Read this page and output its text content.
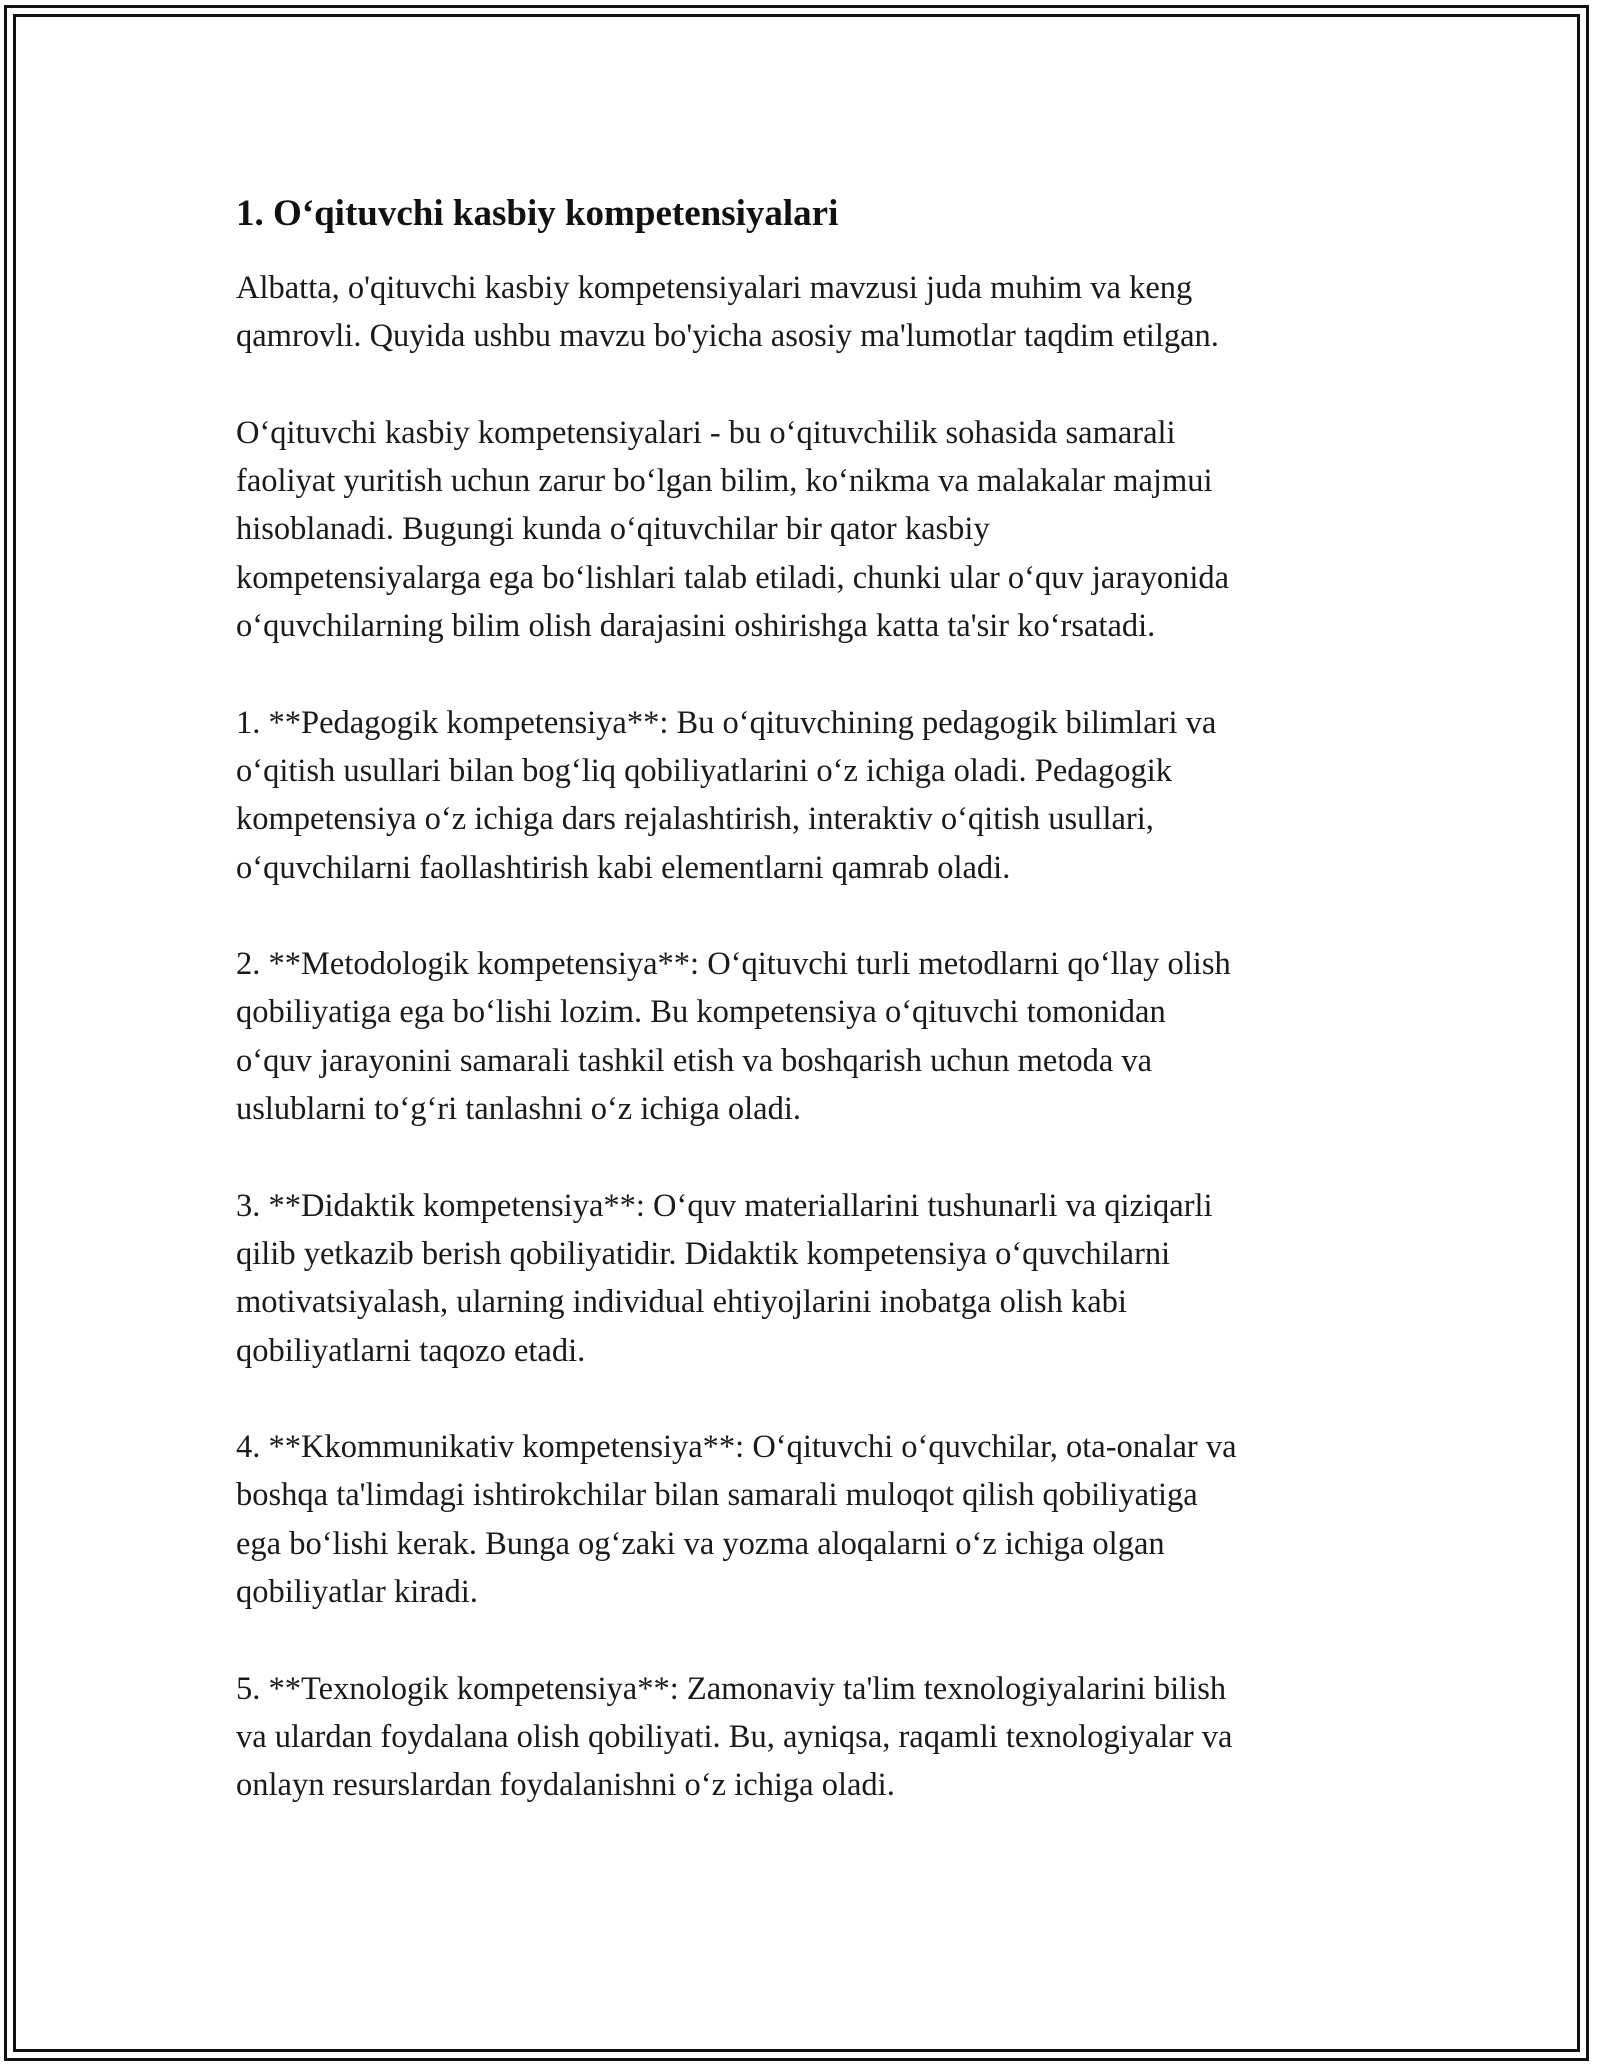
1. Oʻqituvchi kasbiy kompetensiyalari
Albatta, o'qituvchi kasbiy kompetensiyalari mavzusi juda muhim va keng
qamrovli. Quyida ushbu mavzu bo'yicha asosiy ma'lumotlar taqdim etilgan.
Oʻqituvchi kasbiy kompetensiyalari - bu oʻqituvchilik sohasida samarali
faoliyat yuritish uchun zarur boʻlgan bilim, koʻnikma va malakalar majmui
hisoblanadi. Bugungi kunda oʻqituvchilar bir qator kasbiy
kompetensiyalarga ega boʻlishlari talab etiladi, chunki ular oʻquv jarayonida
oʻquvchilarning bilim olish darajasini oshirishga katta ta'sir koʻrsatadi.
1. **Pedagogik kompetensiya**: Bu oʻqituvchining pedagogik bilimlari va
oʻqitish usullari bilan bogʻliq qobiliyatlarini oʻz ichiga oladi. Pedagogik
kompetensiya oʻz ichiga dars rejalashtirish, interaktiv oʻqitish usullari,
oʻquvchilarni faollashtirish kabi elementlarni qamrab oladi.
2. **Metodologik kompetensiya**: Oʻqituvchi turli metodlarni qoʻllay olish
qobiliyatiga ega boʻlishi lozim. Bu kompetensiya oʻqituvchi tomonidan
oʻquv jarayonini samarali tashkil etish va boshqarish uchun metoda va
uslublarni toʻgʻri tanlashni oʻz ichiga oladi.
3. **Didaktik kompetensiya**: Oʻquv materiallarini tushunarli va qiziqarli
qilib yetkazib berish qobiliyatidir. Didaktik kompetensiya oʻquvchilarni
motivatsiyalash, ularning individual ehtiyojlarini inobatga olish kabi
qobiliyatlarni taqozo etadi.
4. **Kkommunikativ kompetensiya**: Oʻqituvchi oʻquvchilar, ota-onalar va
boshqa ta'limdagi ishtirokchilar bilan samarali muloqot qilish qobiliyatiga
ega boʻlishi kerak. Bunga ogʻzaki va yozma aloqalarni oʻz ichiga olgan
qobiliyatlar kiradi.
5. **Texnologik kompetensiya**: Zamonaviy ta'lim texnologiyalarini bilish
va ulardan foydalana olish qobiliyati. Bu, ayniqsa, raqamli texnologiyalar va
onlayn resurslardan foydalanishni oʻz ichiga oladi.
